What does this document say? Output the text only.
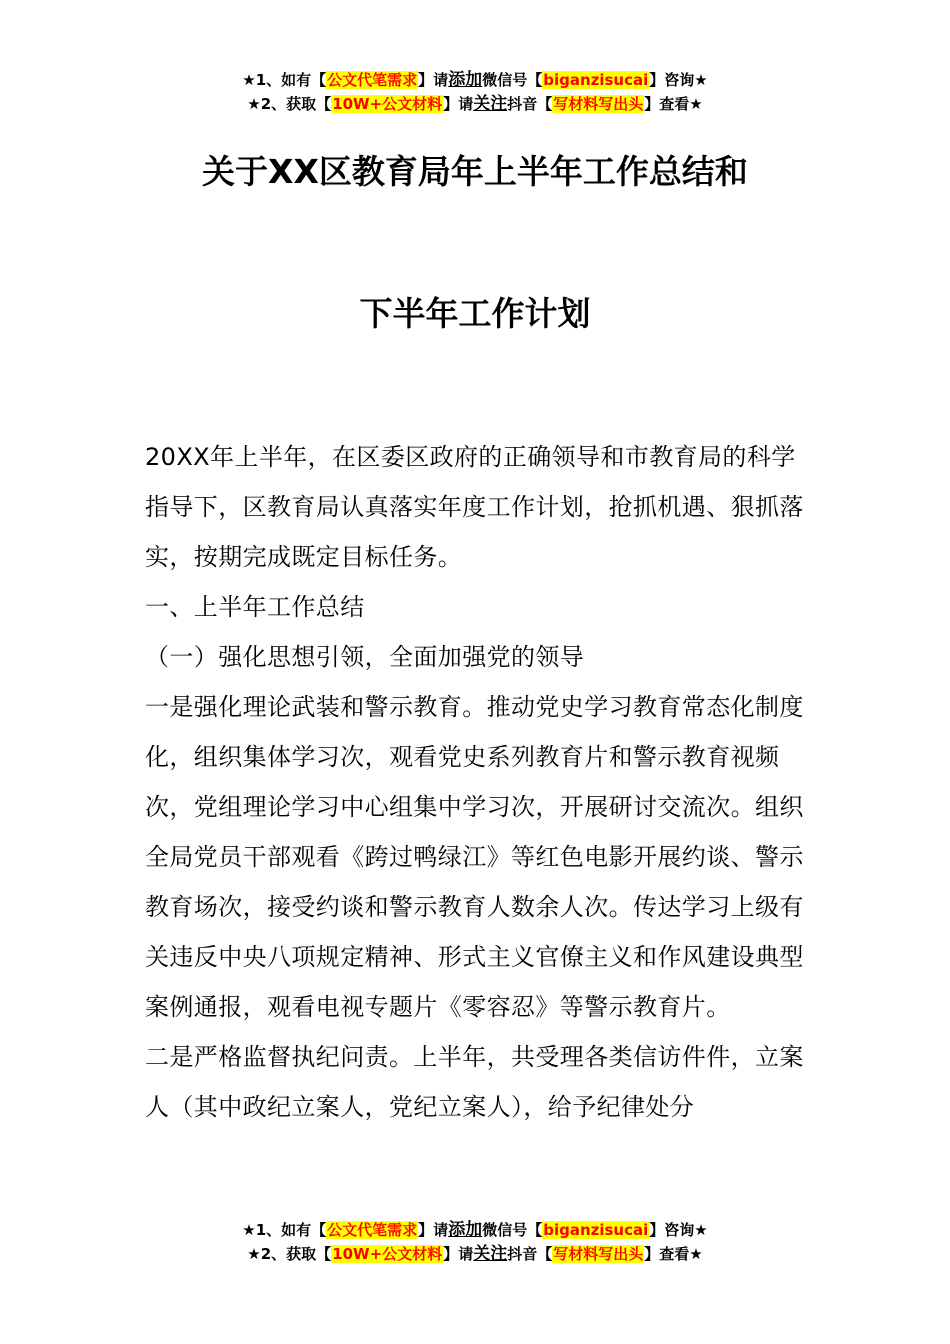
★1、如有【公文代笔需求】请添加微信号【biganzisucai】咨询★
★2、获取【10W+公文材料】请关注抖音【写材料写出头】查看★
关于XX区教育局年上半年工作总结和
下半年工作计划

20XX年上半年，在区委区政府的正确领导和市教育局的科学指导下，区教育局认真落实年度工作计划，抢抓机遇、狠抓落实，按期完成既定目标任务。

一、上半年工作总结

（一）强化思想引领，全面加强党的领导

一是强化理论武装和警示教育。推动党史学习教育常态化制度化，组织集体学习次，观看党史系列教育片和警示教育视频次，党组理论学习中心组集中学习次，开展研讨交流次。组织全局党员干部观看《跨过鸭绿江》等红色电影开展约谈、警示教育场次，接受约谈和警示教育人数余人次。传达学习上级有关违反中央八项规定精神、形式主义官僚主义和作风建设典型案例通报，观看电视专题片《零容忍》等警示教育片。

二是严格监督执纪问责。上半年，共受理各类信访件件，立案人（其中政纪立案人，党纪立案人），给予纪律处分

★1、如有【公文代笔需求】请添加微信号【biganzisucai】咨询★
★2、获取【10W+公文材料】请关注抖音【写材料写出头】查看★
